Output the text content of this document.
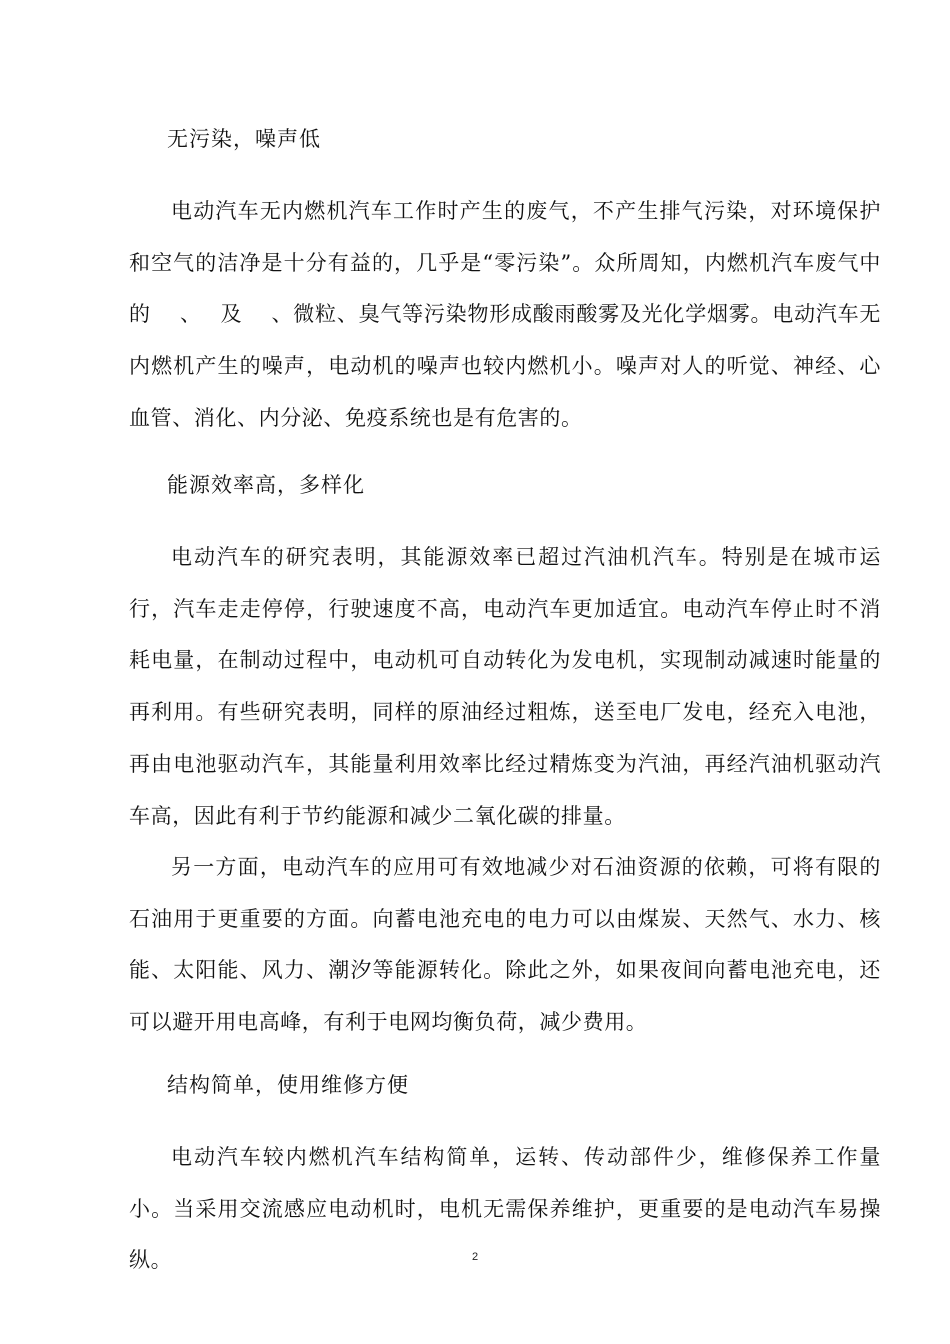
无污染，噪声低
电动汽车无内燃机汽车工作时产生的废气，不产生排气污染，对环境保护和空气的洁净是十分有益的，几乎是“零污染”。众所周知，内燃机汽车废气中的　 、　 及　 、微粒、臭气等污染物形成酸雨酸雾及光化学烟雾。电动汽车无内燃机产生的噪声，电动机的噪声也较内燃机小。噪声对人的听觉、神经、心血管、消化、内分泌、免疫系统也是有危害的。
能源效率高，多样化
电动汽车的研究表明，其能源效率已超过汽油机汽车。特别是在城市运行，汽车走走停停，行驶速度不高，电动汽车更加适宜。电动汽车停止时不消耗电量，在制动过程中，电动机可自动转化为发电机，实现制动减速时能量的再利用。有些研究表明，同样的原油经过粗炼，送至电厂发电，经充入电池，再由电池驱动汽车，其能量利用效率比经过精炼变为汽油，再经汽油机驱动汽车高，因此有利于节约能源和减少二氧化碳的排量。
另一方面，电动汽车的应用可有效地减少对石油资源的依赖，可将有限的石油用于更重要的方面。向蓄电池充电的电力可以由煤炭、天然气、水力、核能、太阳能、风力、潮汐等能源转化。除此之外，如果夜间向蓄电池充电，还可以避开用电高峰，有利于电网均衡负荷，减少费用。
结构简单，使用维修方便
电动汽车较内燃机汽车结构简单，运转、传动部件少，维修保养工作量小。当采用交流感应电动机时，电机无需保养维护，更重要的是电动汽车易操纵。	2
